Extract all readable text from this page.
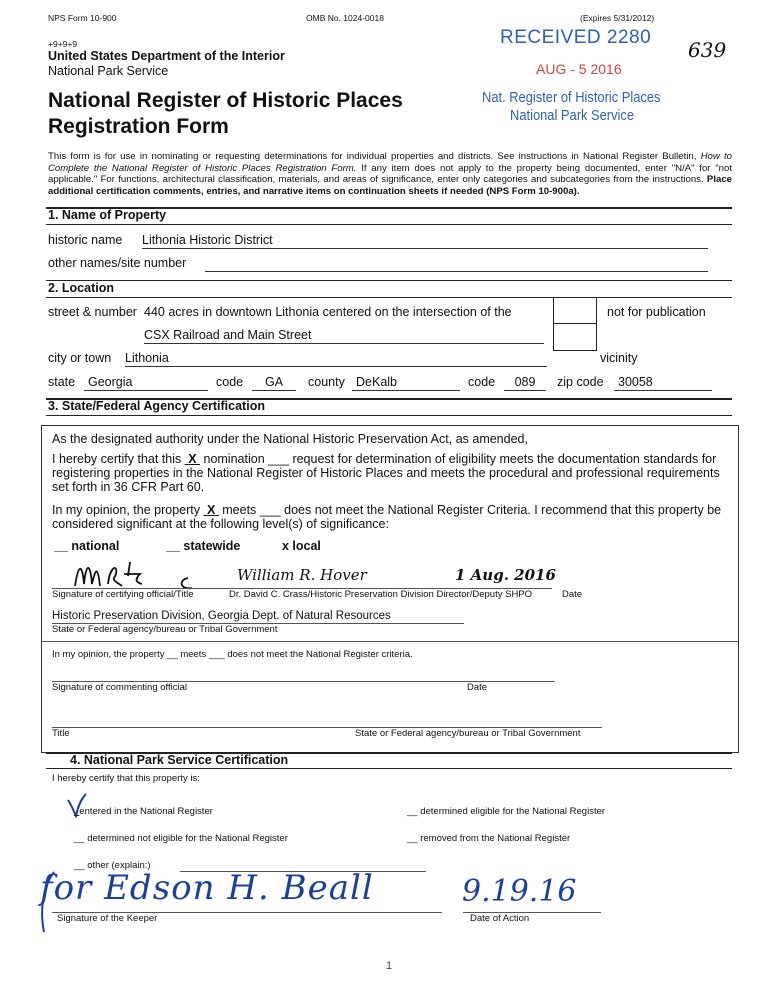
NPS Form 10-900	OMB No. 1024-0018	(Expires 5/31/2012)
+9+9+9
United States Department of the Interior
National Park Service
National Register of Historic Places
Registration Form
RECEIVED 2280
AUG - 5 2016
Nat. Register of Historic Places
National Park Service
639
This form is for use in nominating or requesting determinations for individual properties and districts. See instructions in National Register Bulletin, How to Complete the National Register of Historic Places Registration Form. If any item does not apply to the property being documented, enter "N/A" for "not applicable." For functions, architectural classification, materials, and areas of significance, enter only categories and subcategories from the instructions. Place additional certification comments, entries, and narrative items on continuation sheets if needed (NPS Form 10-900a).
1. Name of Property
historic name Lithonia Historic District
other names/site number
2. Location
street & number 440 acres in downtown Lithonia centered on the intersection of the
CSX Railroad and Main Street
not for publication
city or town Lithonia	vicinity
state	Georgia	code	GA	county DeKalb	code	089	zip code	30058
3. State/Federal Agency Certification
As the designated authority under the National Historic Preservation Act, as amended,
I hereby certify that this  X  nomination ___ request for determination of eligibility meets the documentation standards for registering properties in the National Register of Historic Places and meets the procedural and professional requirements set forth in 36 CFR Part 60.
In my opinion, the property  X  meets ___ does not meet the National Register Criteria. I recommend that this property be considered significant at the following level(s) of significance:
__ national	__ statewide	x local
William R. Hover	1 Aug. 2016
Signature of certifying official/Title	Dr. David C. Crass/Historic Preservation Division Director/Deputy SHPO	Date
Historic Preservation Division, Georgia Dept. of Natural Resources
State or Federal agency/bureau or Tribal Government
In my opinion, the property __ meets ___ does not meet the National Register criteria.
Signature of commenting official	Date
Title	State or Federal agency/bureau or Tribal Government
4. National Park Service Certification
I hereby certify that this property is:
entered in the National Register	__ determined eligible for the National Register
__ determined not eligible for the National Register	__ removed from the National Register
__ other (explain:)
for Edson H. Beall	9.19.16
Signature of the Keeper	Date of Action
1
